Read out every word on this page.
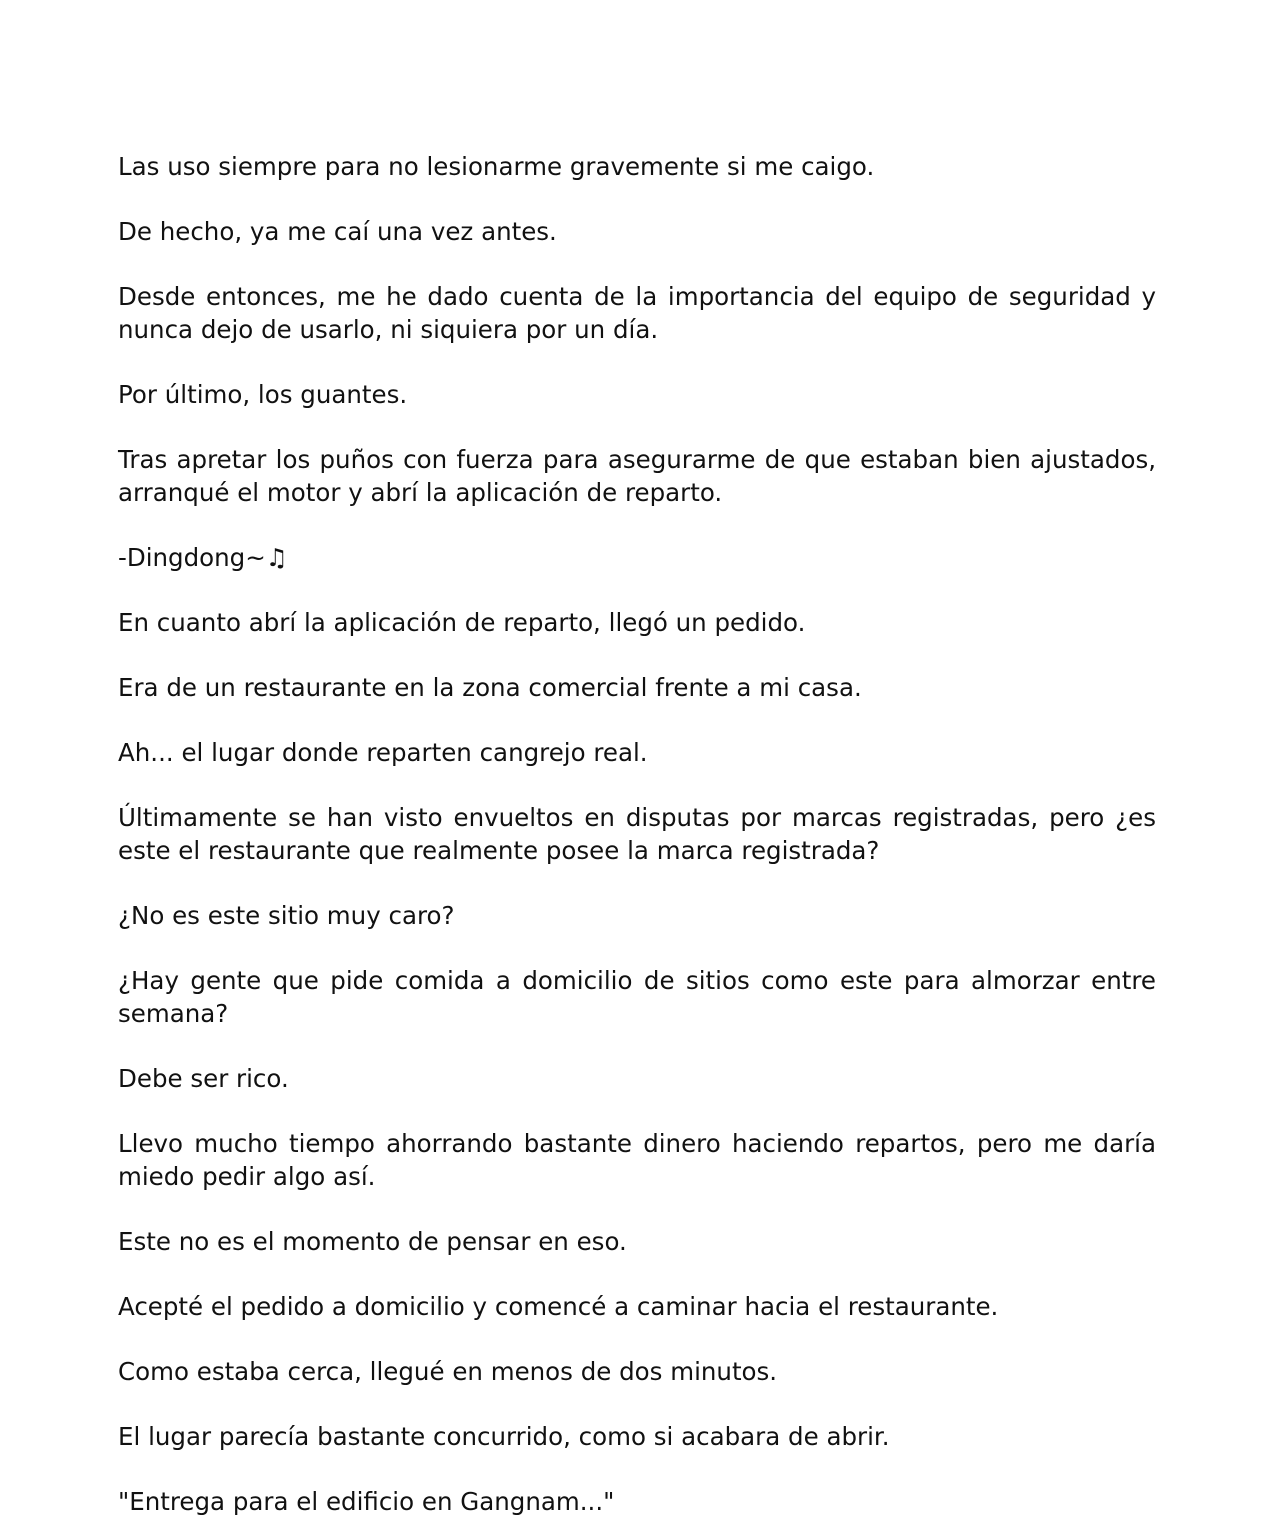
Las uso siempre para no lesionarme gravemente si me caigo.

De hecho, ya me caí una vez antes.

Desde entonces, me he dado cuenta de la importancia del equipo de seguridad y nunca dejo de usarlo, ni siquiera por un día.

Por último, los guantes.

Tras apretar los puños con fuerza para asegurarme de que estaban bien ajustados, arranqué el motor y abrí la aplicación de reparto.

-Dingdong~♫

En cuanto abrí la aplicación de reparto, llegó un pedido.

Era de un restaurante en la zona comercial frente a mi casa.

Ah... el lugar donde reparten cangrejo real.

Últimamente se han visto envueltos en disputas por marcas registradas, pero ¿es este el restaurante que realmente posee la marca registrada?

¿No es este sitio muy caro?

¿Hay gente que pide comida a domicilio de sitios como este para almorzar entre semana?

Debe ser rico.

Llevo mucho tiempo ahorrando bastante dinero haciendo repartos, pero me daría miedo pedir algo así.

Este no es el momento de pensar en eso.

Acepté el pedido a domicilio y comencé a caminar hacia el restaurante.

Como estaba cerca, llegué en menos de dos minutos.

El lugar parecía bastante concurrido, como si acabara de abrir.

"Entrega para el edificio en Gangnam..."
